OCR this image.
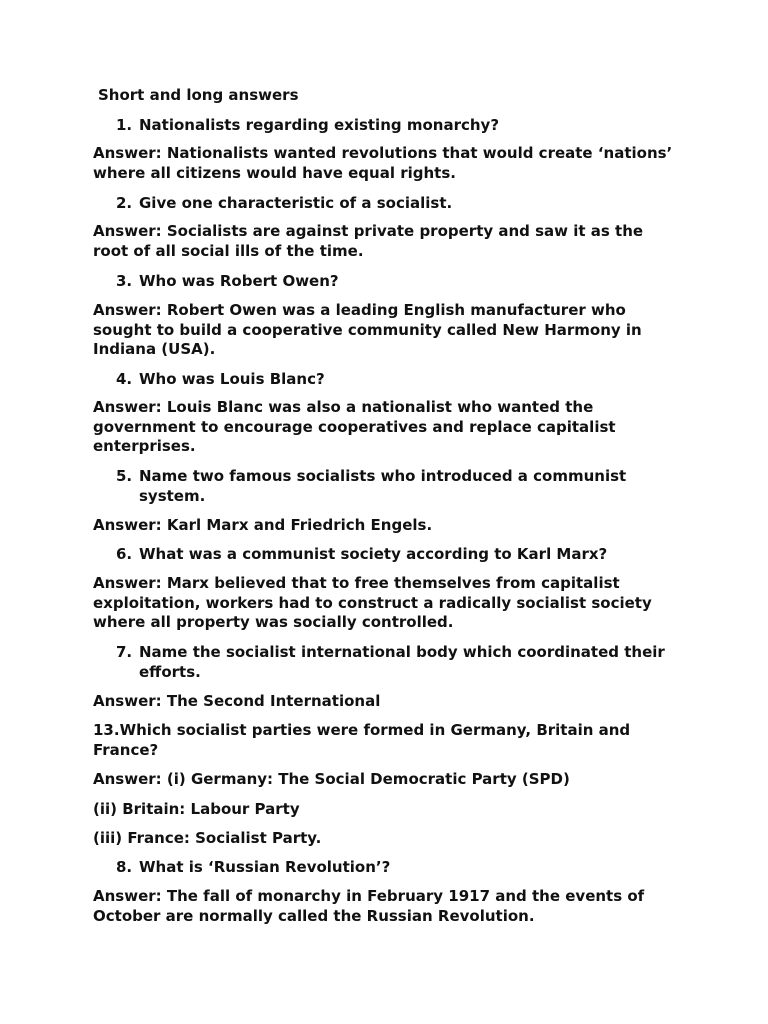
Short and long answers
1. Nationalists regarding existing monarchy?
Answer: Nationalists wanted revolutions that would create ‘nations’ where all citizens would have equal rights.
2. Give one characteristic of a socialist.
Answer: Socialists are against private property and saw it as the root of all social ills of the time.
3. Who was Robert Owen?
Answer: Robert Owen was a leading English manufacturer who sought to build a cooperative community called New Harmony in Indiana (USA).
4. Who was Louis Blanc?
Answer: Louis Blanc was also a nationalist who wanted the government to encourage cooperatives and replace capitalist enterprises.
5. Name two famous socialists who introduced a communist system.
Answer: Karl Marx and Friedrich Engels.
6. What was a communist society according to Karl Marx?
Answer: Marx believed that to free themselves from capitalist exploitation, workers had to construct a radically socialist society where all property was socially controlled.
7. Name the socialist international body which coordinated their efforts.
Answer: The Second International
13.Which socialist parties were formed in Germany, Britain and France?
Answer: (i) Germany: The Social Democratic Party (SPD)
(ii) Britain: Labour Party
(iii) France: Socialist Party.
8. What is ‘Russian Revolution’?
Answer: The fall of monarchy in February 1917 and the events of October are normally called the Russian Revolution.
